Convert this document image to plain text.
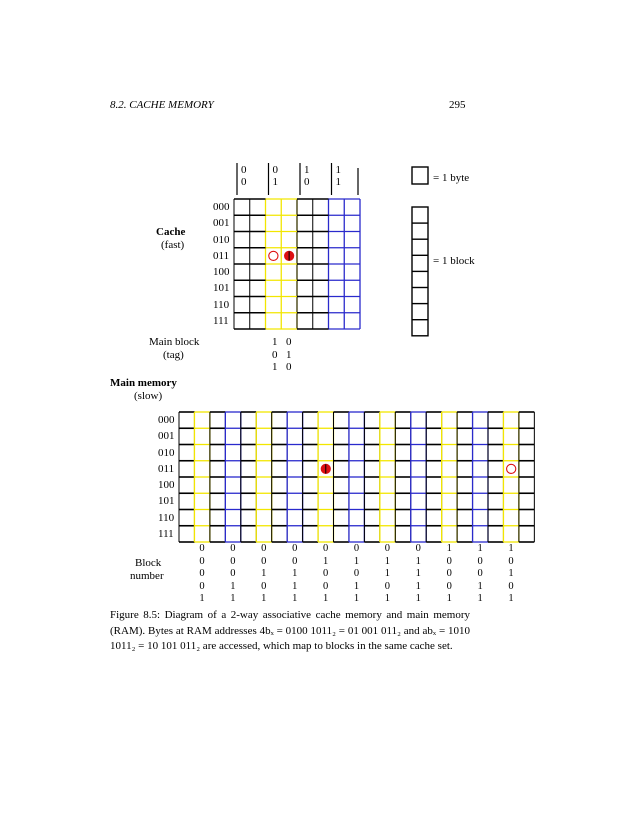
8.2. CACHE MEMORY	295
Cache
(fast)
000
001
010
011
100
101
110
111
0
0
0
1
1
0
1
1
Main block
(tag)
1
0
1
0
1
0
= 1 byte
= 1 block
Main memory
(slow)
000
001
010
011
100
101
110
111
Block
number
0
0
0
0
1
0
0
0
1
1
0
0
1
0
1
0
0
1
1
1
0
1
0
0
1
0
1
0
1
1
0
1
1
0
1
0
1
1
1
1
1
0
0
0
1
1
0
0
1
1
1
0
1
0
1
Figure 8.5: Diagram of a 2-way associative cache memory and main memory (RAM). Bytes at RAM addresses 4bₓ = 0100 1011₂ = 01 001 011₂ and abₓ = 1010 1011₂ = 10 101 011₂ are accessed, which map to blocks in the same cache set.
